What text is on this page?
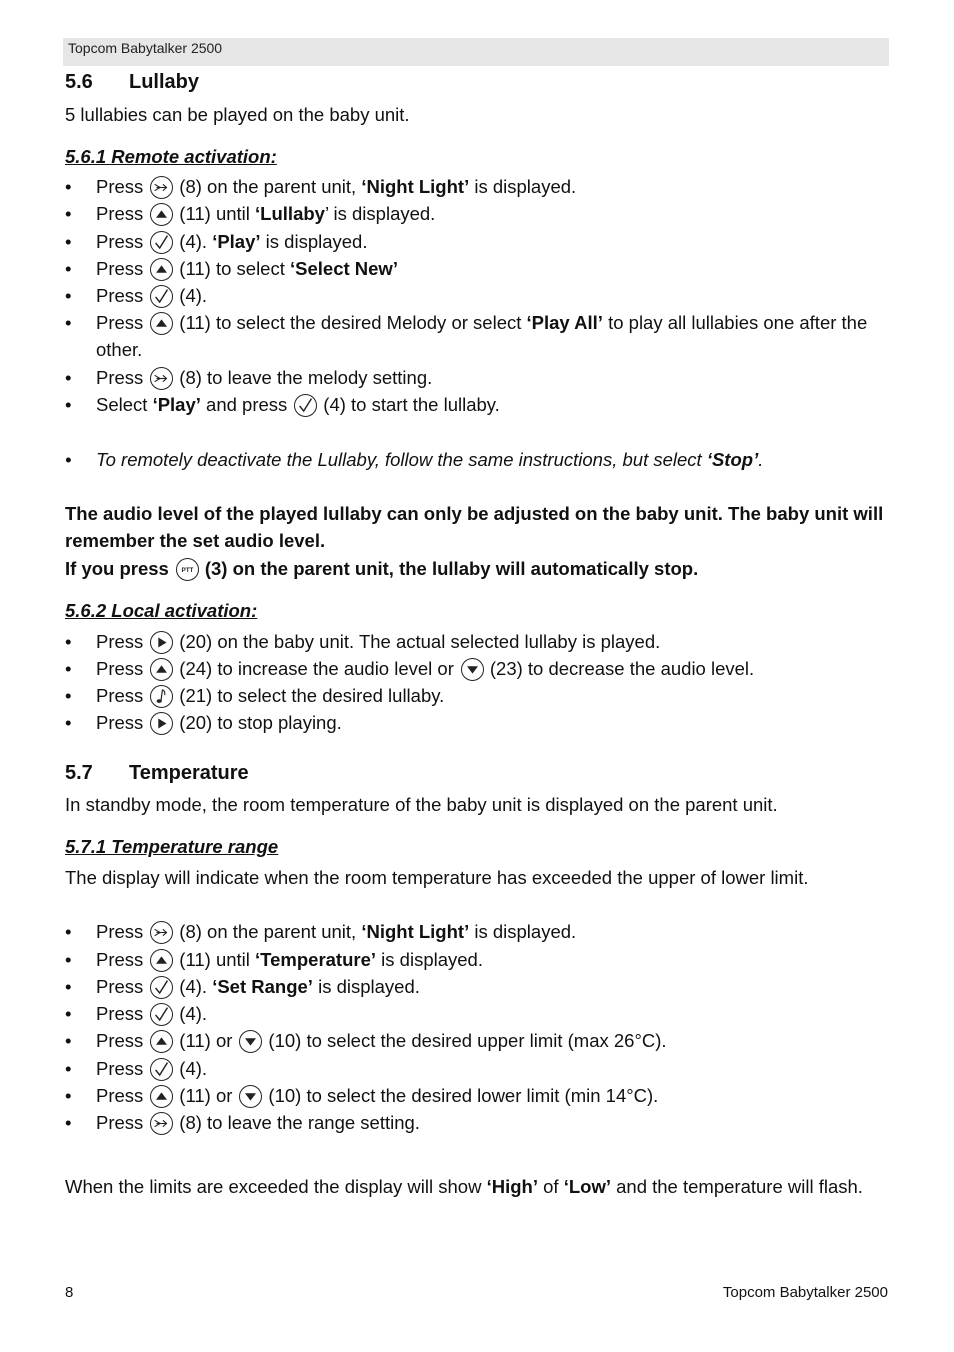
Topcom Babytalker 2500
5.6 Lullaby
5 lullabies can be played on the baby unit.
5.6.1 Remote activation:
• Press (8) on the parent unit, ‘Night Light’ is displayed.
• Press (11) until ‘Lullaby’ is displayed.
• Press (4). ‘Play’ is displayed.
• Press (11) to select ‘Select New’
• Press (4).
• Press (11) to select the desired Melody or select ‘Play All’ to play all lullabies one after the other.
• Press (8) to leave the melody setting.
• Select ‘Play’ and press (4) to start the lullaby.
• To remotely deactivate the Lullaby, follow the same instructions, but select ‘Stop’.
The audio level of the played lullaby can only be adjusted on the baby unit. The baby unit will remember the set audio level.
If you press PTT (3) on the parent unit, the lullaby will automatically stop.
5.6.2 Local activation:
• Press (20) on the baby unit. The actual selected lullaby is played.
• Press (24) to increase the audio level or (23) to decrease the audio level.
• Press (21) to select the desired lullaby.
• Press (20) to stop playing.
5.7 Temperature
In standby mode, the room temperature of the baby unit is displayed on the parent unit.
5.7.1 Temperature range
The display will indicate when the room temperature has exceeded the upper of lower limit.
• Press (8) on the parent unit, ‘Night Light’ is displayed.
• Press (11) until ‘Temperature’ is displayed.
• Press (4). ‘Set Range’ is displayed.
• Press (4).
• Press (11) or (10) to select the desired upper limit (max 26°C).
• Press (4).
• Press (11) or (10) to select the desired lower limit (min 14°C).
• Press (8) to leave the range setting.
When the limits are exceeded the display will show ‘High’ of ‘Low’ and the temperature will flash.
8	Topcom Babytalker 2500
